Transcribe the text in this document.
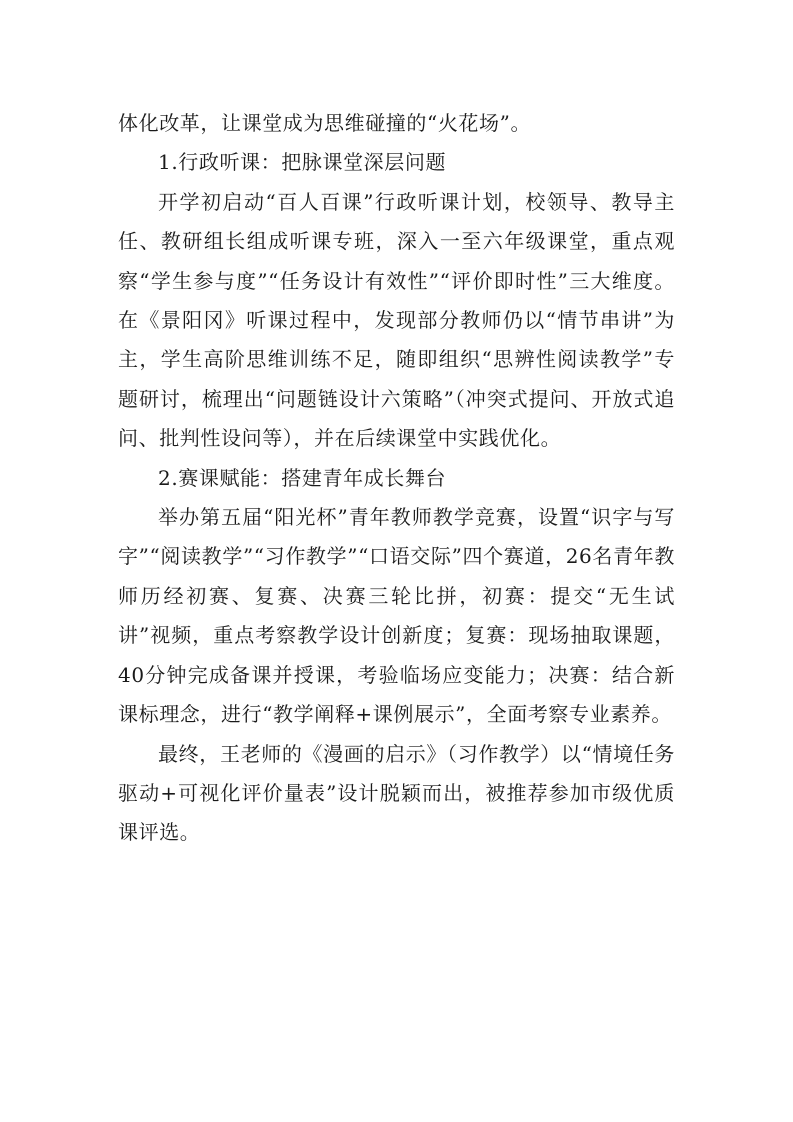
体化改革，让课堂成为思维碰撞的“火花场”。

1.行政听课：把脉课堂深层问题

开学初启动“百人百课”行政听课计划，校领导、教导主任、教研组长组成听课专班，深入一至六年级课堂，重点观察“学生参与度”“任务设计有效性”“评价即时性”三大维度。在《景阳冈》听课过程中，发现部分教师仍以“情节串讲”为主，学生高阶思维训练不足，随即组织“思辨性阅读教学”专题研讨，梳理出“问题链设计六策略”（冲突式提问、开放式追问、批判性设问等），并在后续课堂中实践优化。

2.赛课赋能：搭建青年成长舞台

举办第五届“阳光杯”青年教师教学竞赛，设置“识字与写字”“阅读教学”“习作教学”“口语交际”四个赛道，26名青年教师历经初赛、复赛、决赛三轮比拼，初赛：提交“无生试讲”视频，重点考察教学设计创新度；复赛：现场抽取课题，40分钟完成备课并授课，考验临场应变能力；决赛：结合新课标理念，进行“教学阐释+课例展示”，全面考察专业素养。

最终，王老师的《漫画的启示》（习作教学）以“情境任务驱动+可视化评价量表”设计脱颖而出，被推荐参加市级优质课评选。
